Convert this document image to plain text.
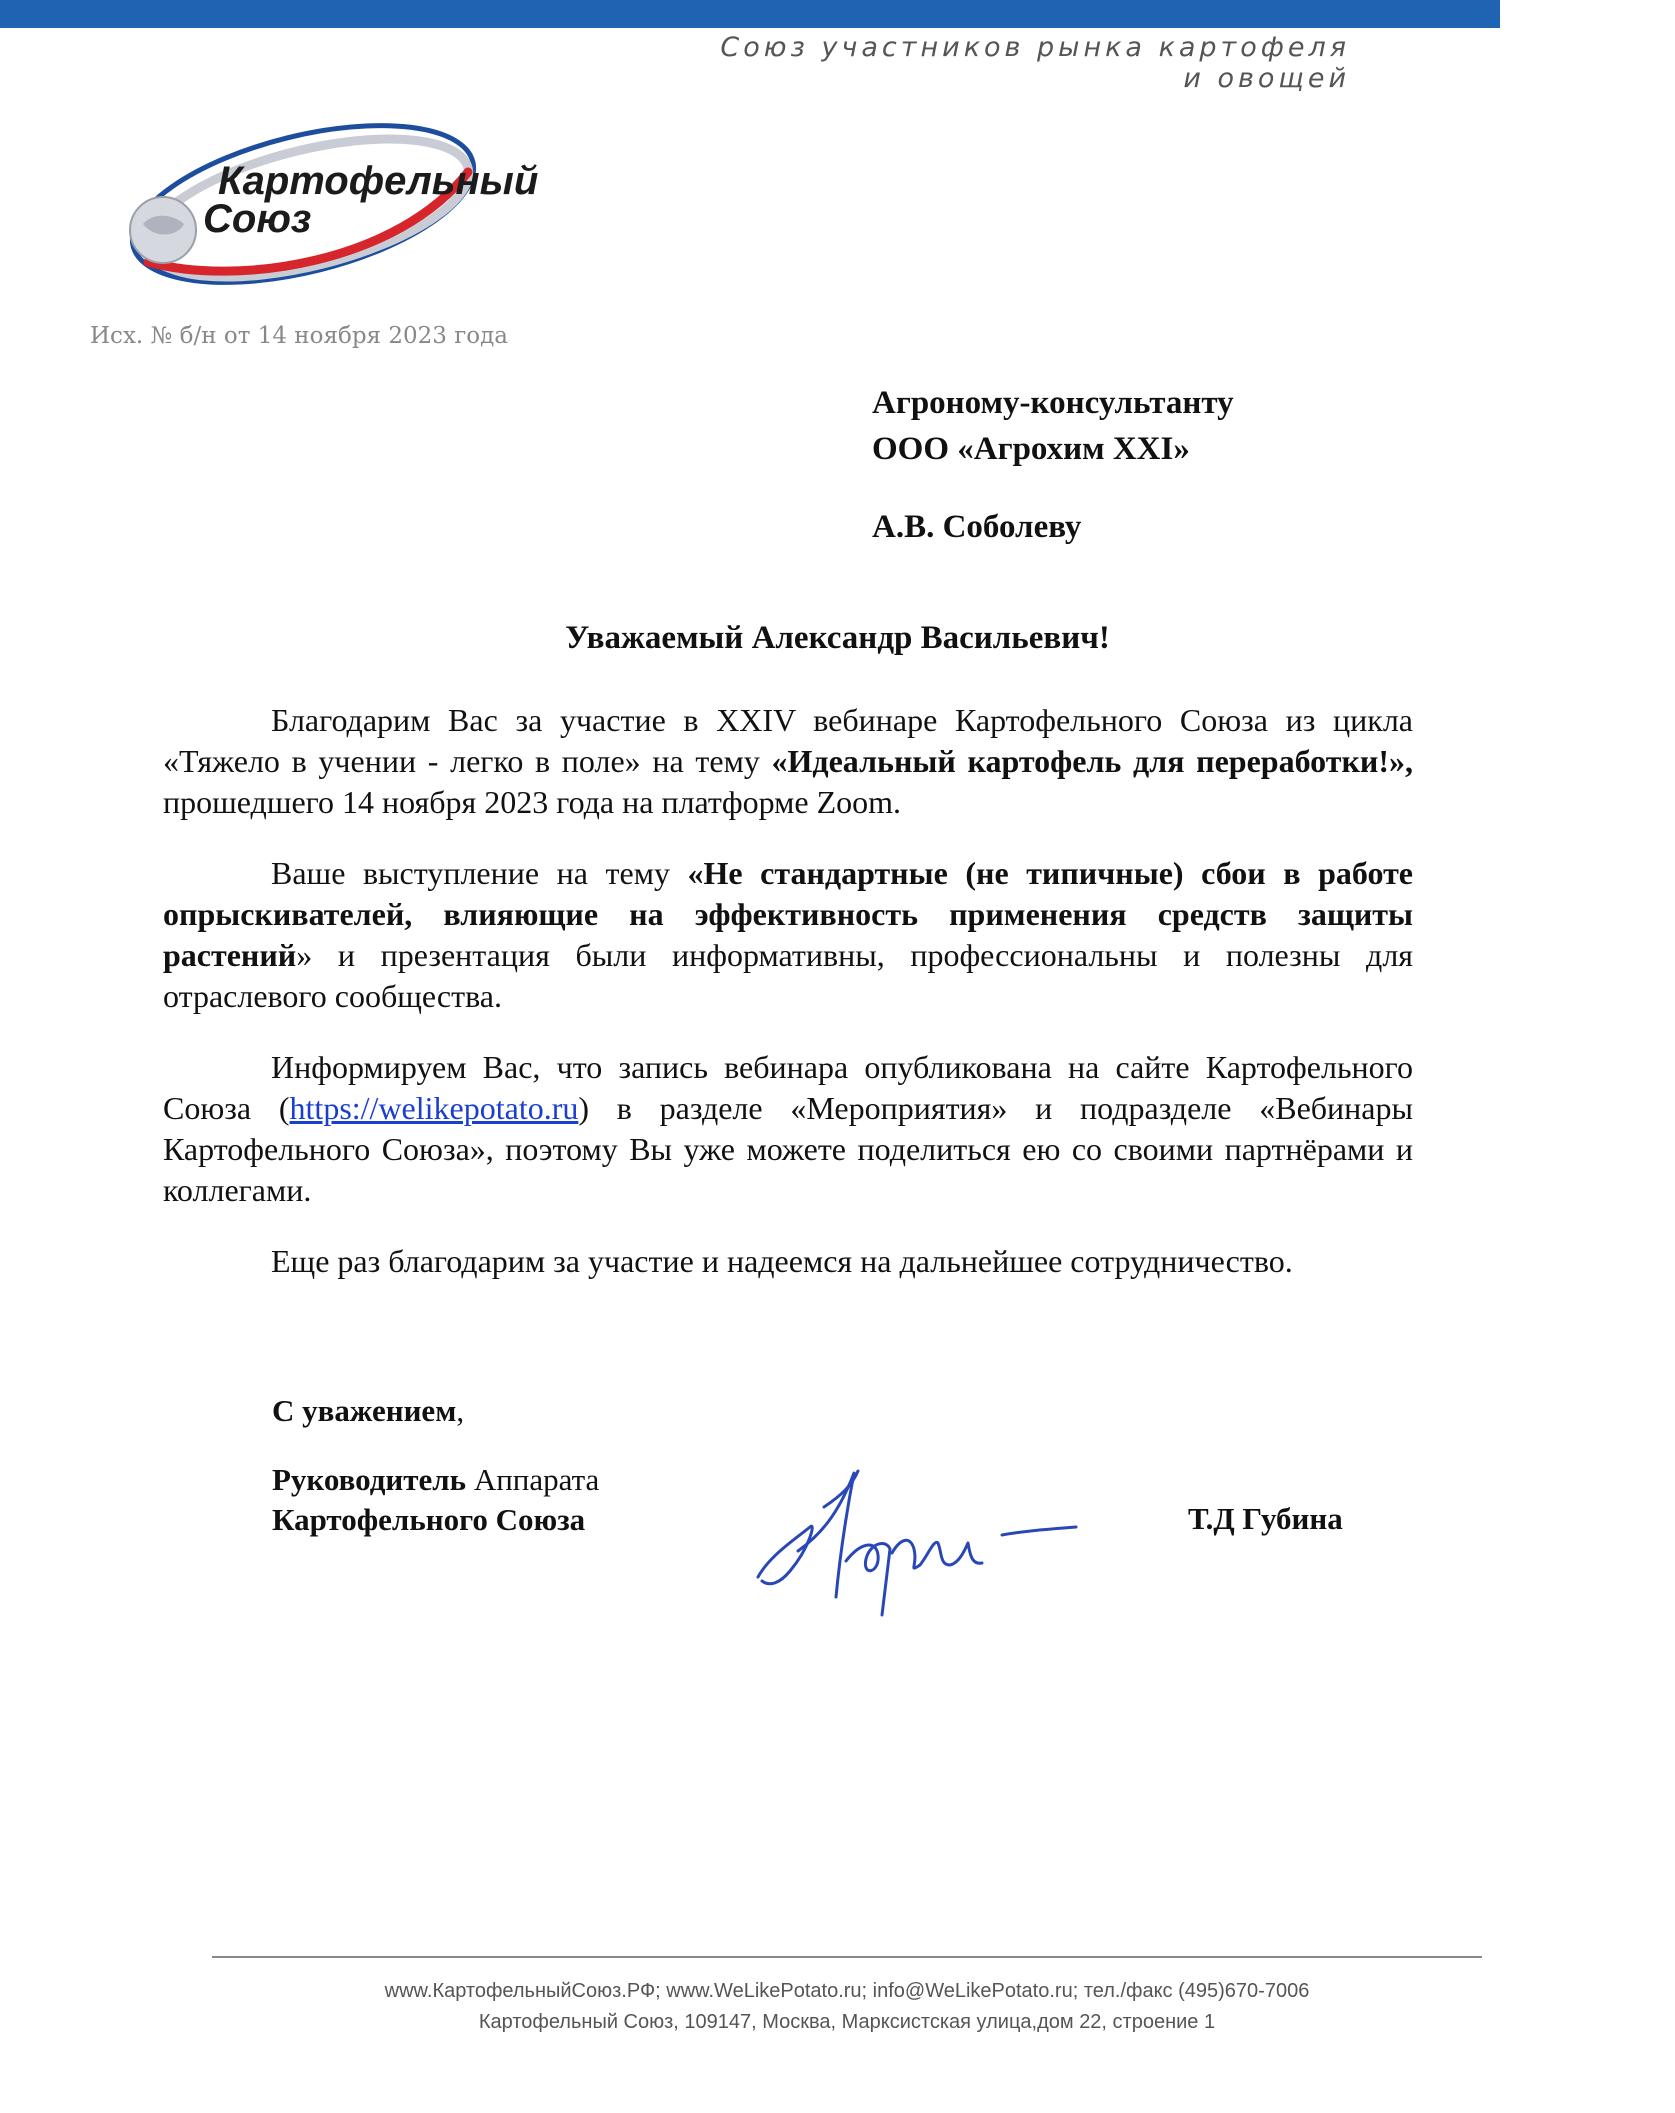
Союз участников рынка картофеля и овощей
Картофельный
Союз
Исх. № б/н от 14 ноября 2023 года
Агроному-консультанту
ООО «Агрохим XXI»
А.В. Соболеву
Уважаемый Александр Васильевич!

Благодарим Вас за участие в XXIV вебинаре Картофельного Союза из цикла «Тяжело в учении - легко в поле» на тему «Идеальный картофель для переработки!», прошедшего 14 ноября 2023 года на платформе Zoom.

Ваше выступление на тему «Не стандартные (не типичные) сбои в работе опрыскивателей, влияющие на эффективность применения средств защиты растений» и презентация были информативны, профессиональны и полезны для отраслевого сообщества.

Информируем Вас, что запись вебинара опубликована на сайте Картофельного Союза (https://welikepotato.ru) в разделе «Мероприятия» и подразделе «Вебинары Картофельного Союза», поэтому Вы уже можете поделиться ею со своими партнёрами и коллегами.

Еще раз благодарим за участие и надеемся на дальнейшее сотрудничество.

С уважением,
Руководитель Аппарата
Картофельного Союза	Т.Д Губина
www.КартофельныйСоюз.РФ; www.WeLikePotato.ru; info@WeLikePotato.ru; тел./факс (495)670-7006
Картофельный Союз, 109147, Москва, Марксистская улица,дом 22, строение 1
